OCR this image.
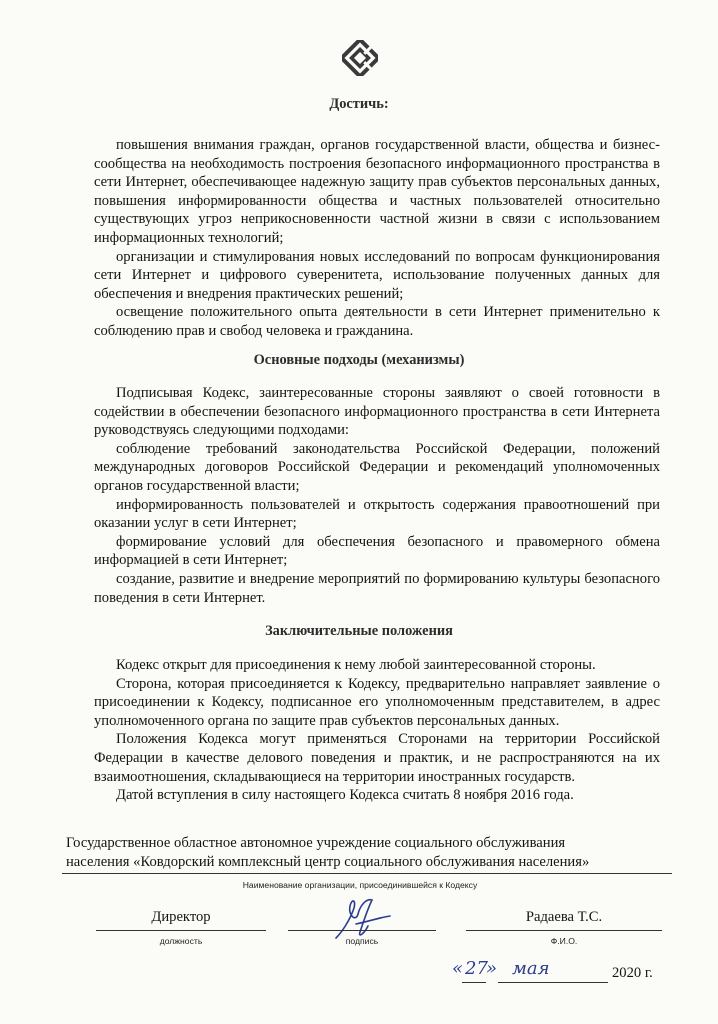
Достичь:

повышения внимания граждан, органов государственной власти, общества и бизнес-сообщества на необходимость построения безопасного информационного пространства в сети Интернет, обеспечивающее надежную защиту прав субъектов персональных данных, повышения информированности общества и частных пользователей относительно существующих угроз неприкосновенности частной жизни в связи с использованием информационных технологий;

организации и стимулирования новых исследований по вопросам функционирования сети Интернет и цифрового суверенитета, использование полученных данных для обеспечения и внедрения практических решений;

освещение положительного опыта деятельности в сети Интернет применительно к соблюдению прав и свобод человека и гражданина.

Основные подходы (механизмы)

Подписывая Кодекс, заинтересованные стороны заявляют о своей готовности в содействии в обеспечении безопасного информационного пространства в сети Интернета руководствуясь следующими подходами:

соблюдение требований законодательства Российской Федерации, положений международных договоров Российской Федерации и рекомендаций уполномоченных органов государственной власти;

информированность пользователей и открытость содержания правоотношений при оказании услуг в сети Интернет;

формирование условий для обеспечения безопасного и правомерного обмена информацией в сети Интернет;

создание, развитие и внедрение мероприятий по формированию культуры безопасного поведения в сети Интернет.

Заключительные положения

Кодекс открыт для присоединения к нему любой заинтересованной стороны.

Сторона, которая присоединяется к Кодексу, предварительно направляет заявление о присоединении к Кодексу, подписанное его уполномоченным представителем, в адрес уполномоченного органа по защите прав субъектов персональных данных.

Положения Кодекса могут применяться Сторонами на территории Российской Федерации в качестве делового поведения и практик, и не распространяются на их взаимоотношения, складывающиеся на территории иностранных государств.

Датой вступления в силу настоящего Кодекса считать 8 ноября 2016 года.

Государственное областное автономное учреждение социального обслуживания
населения «Ковдорский комплексный центр социального обслуживания населения»
Наименование организации, присоединившейся к Кодексу
Директор
должность	подпись
Радаева Т.С.
Ф.И.О.
« 27
» мая	2020 г.
